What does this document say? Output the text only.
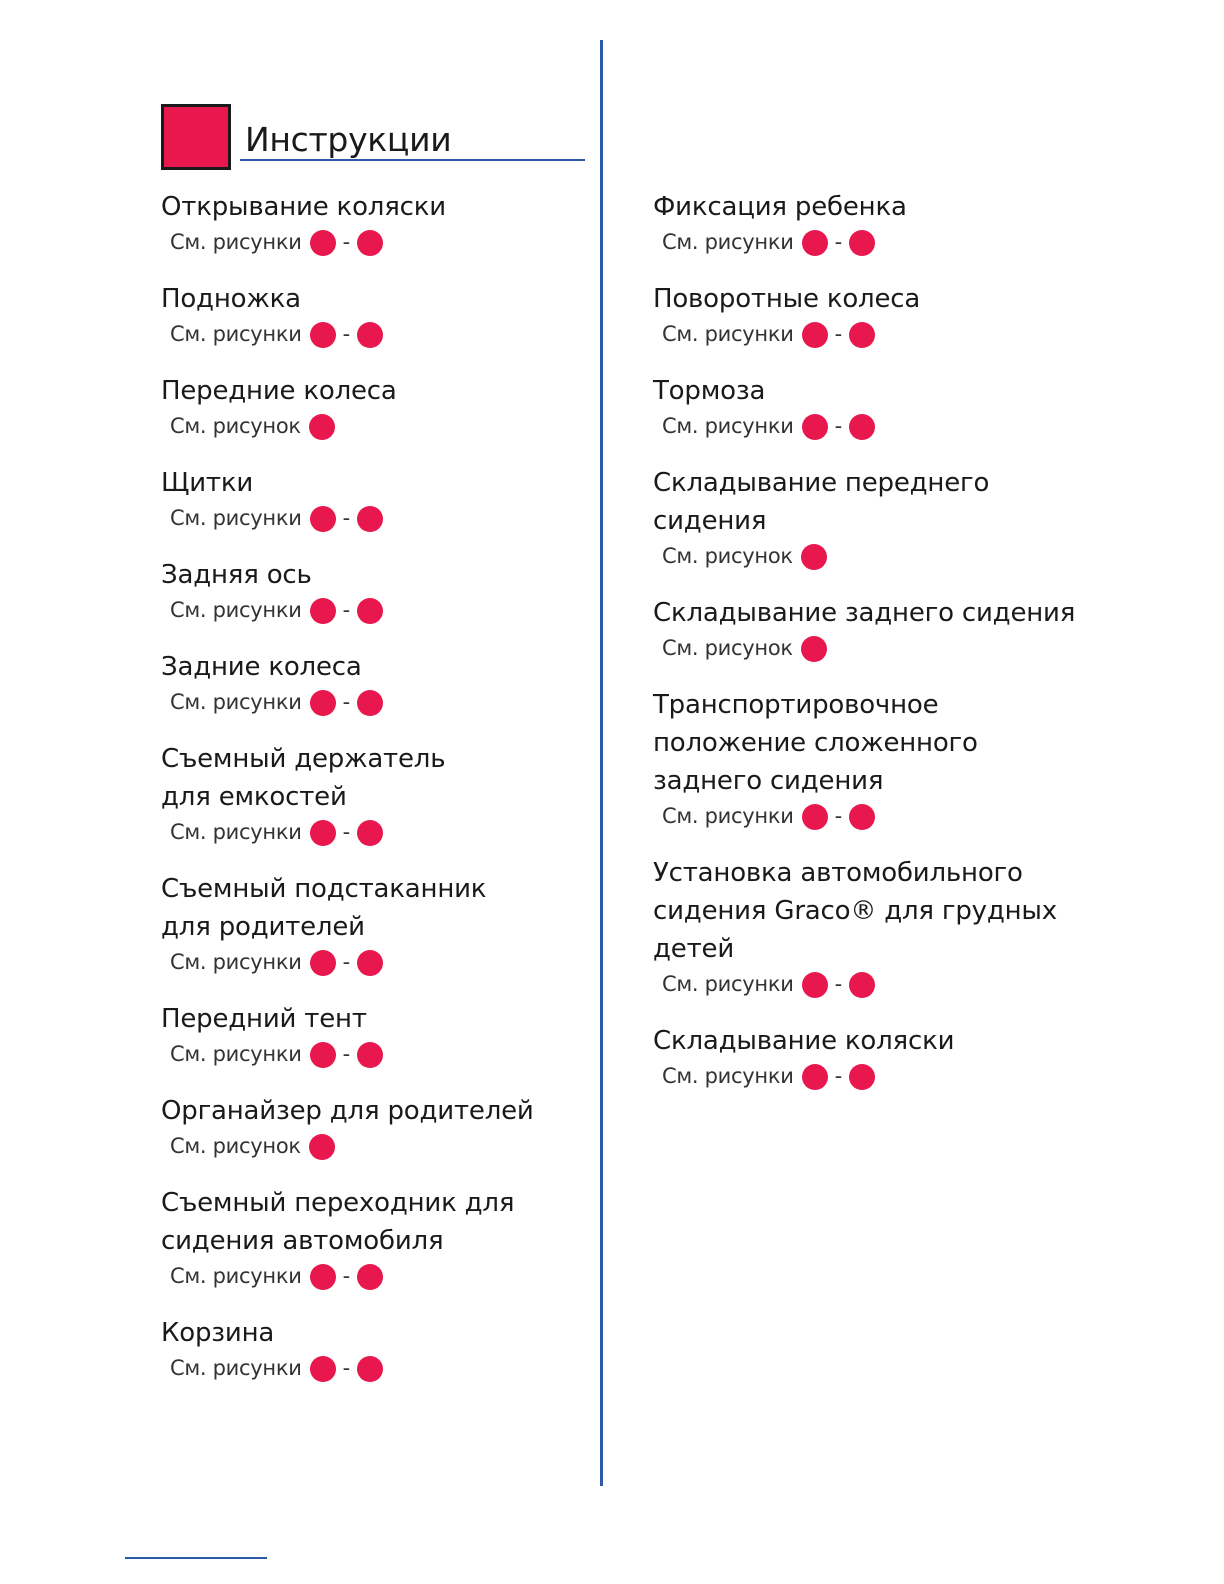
Инструкции
Открывание коляски
См. рисунки -
Подножка
См. рисунки -
Передние колеса
См. рисунок
Щитки
См. рисунки -
Задняя ось
См. рисунки -
Задние колеса
См. рисунки -
Съемный держатель
для емкостей
См. рисунки -
Съемный подстаканник
для родителей
См. рисунки -
Передний тент
См. рисунки -
Органайзер для родителей
См. рисунок
Съемный переходник для
сидения автомобиля
См. рисунки -
Корзина
См. рисунки -
Фиксация ребенка
См. рисунки -
Поворотные колеса
См. рисунки -
Тормоза
См. рисунки -
Складывание переднего
сидения
См. рисунок
Складывание заднего сидения
См. рисунок
Транспортировочное
положение сложенного
заднего сидения
См. рисунки -
Установка автомобильного
сидения Graco® для грудных
детей
См. рисунки -
Складывание коляски
См. рисунки -
